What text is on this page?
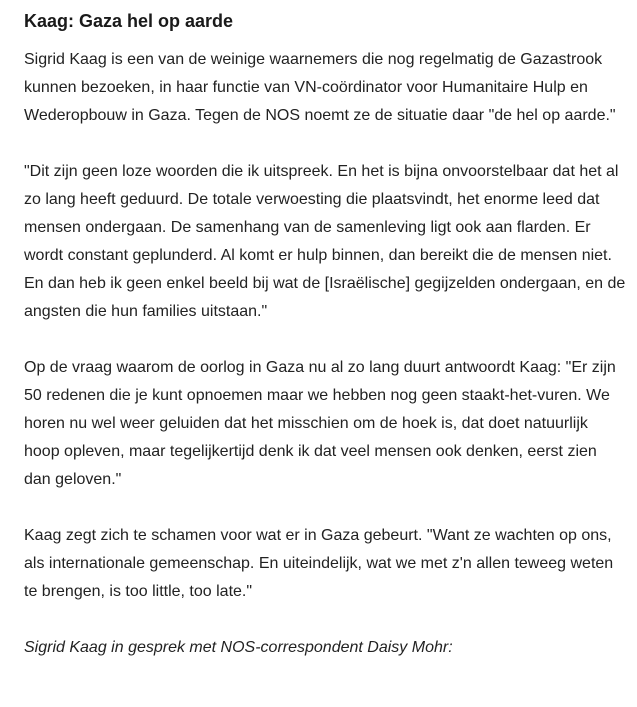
Kaag: Gaza hel op aarde

Sigrid Kaag is een van de weinige waarnemers die nog regelmatig de Gazastrook kunnen bezoeken, in haar functie van VN-coördinator voor Humanitaire Hulp en Wederopbouw in Gaza. Tegen de NOS noemt ze de situatie daar "de hel op aarde."

"Dit zijn geen loze woorden die ik uitspreek. En het is bijna onvoorstelbaar dat het al zo lang heeft geduurd. De totale verwoesting die plaatsvindt, het enorme leed dat mensen ondergaan. De samenhang van de samenleving ligt ook aan flarden. Er wordt constant geplunderd. Al komt er hulp binnen, dan bereikt die de mensen niet. En dan heb ik geen enkel beeld bij wat de [Israëlische] gegijzelden ondergaan, en de angsten die hun families uitstaan."

Op de vraag waarom de oorlog in Gaza nu al zo lang duurt antwoordt Kaag: "Er zijn 50 redenen die je kunt opnoemen maar we hebben nog geen staakt-het-vuren. We horen nu wel weer geluiden dat het misschien om de hoek is, dat doet natuurlijk hoop opleven, maar tegelijkertijd denk ik dat veel mensen ook denken, eerst zien dan geloven."

Kaag zegt zich te schamen voor wat er in Gaza gebeurt. "Want ze wachten op ons, als internationale gemeenschap. En uiteindelijk, wat we met z'n allen teweeg weten te brengen, is too little, too late."

Sigrid Kaag in gesprek met NOS-correspondent Daisy Mohr:
